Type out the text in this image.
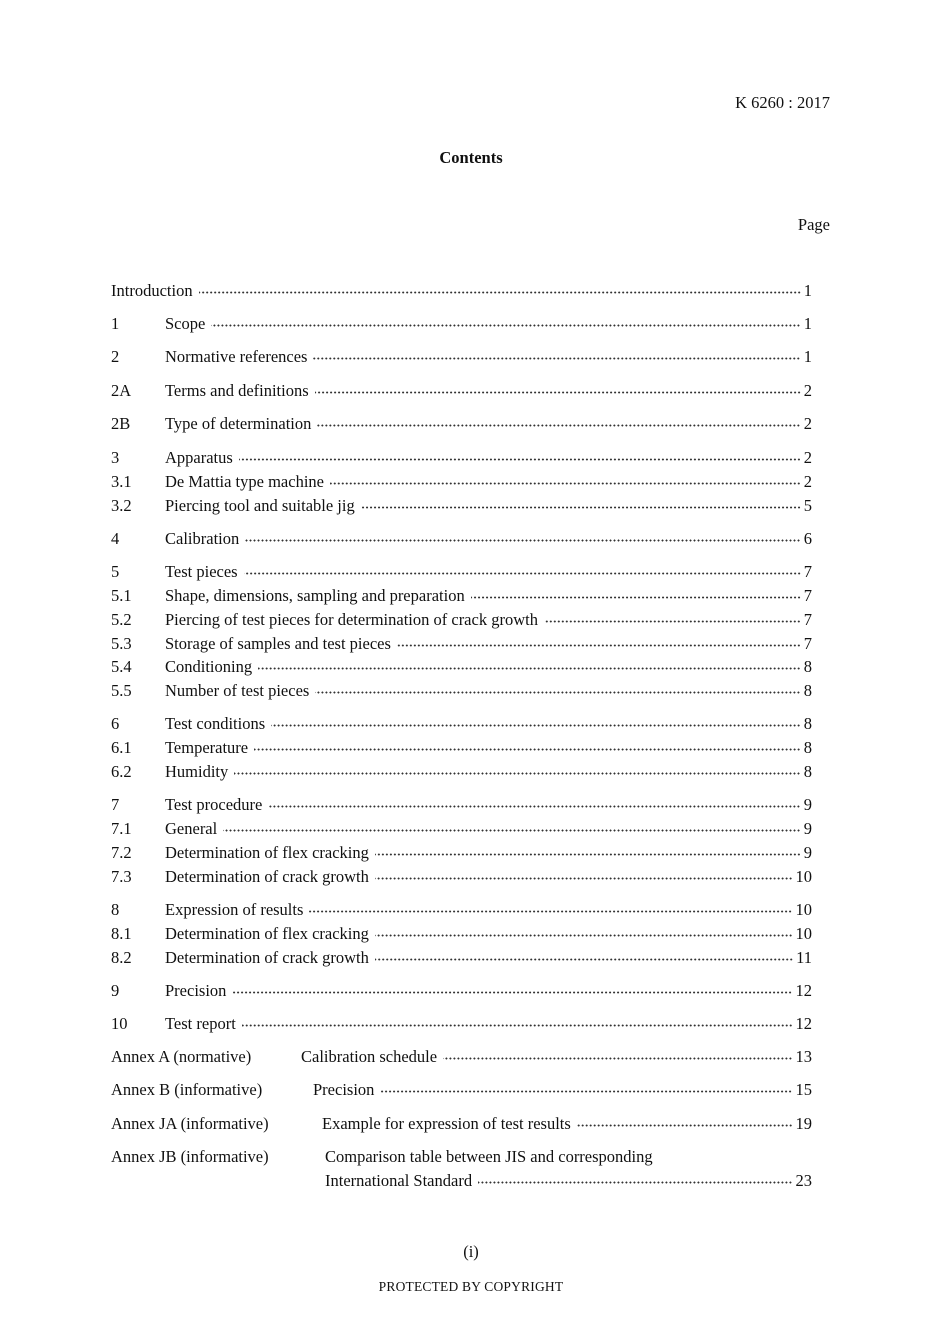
K 6260 : 2017
Contents
Page
Introduction	1
1	Scope	1
2	Normative references	1
2A	Terms and definitions	2
2B	Type of determination	2
3	Apparatus	2
3.1	De Mattia type machine	2
3.2	Piercing tool and suitable jig	5
4	Calibration	6
5	Test pieces	7
5.1	Shape, dimensions, sampling and preparation	7
5.2	Piercing of test pieces for determination of crack growth	7
5.3	Storage of samples and test pieces	7
5.4	Conditioning	8
5.5	Number of test pieces	8
6	Test conditions	8
6.1	Temperature	8
6.2	Humidity	8
7	Test procedure	9
7.1	General	9
7.2	Determination of flex cracking	9
7.3	Determination of crack growth	10
8	Expression of results	10
8.1	Determination of flex cracking	10
8.2	Determination of crack growth	11
9	Precision	12
10	Test report	12
Annex A (normative)	Calibration schedule	13
Annex B (informative)	Precision	15
Annex JA (informative)	Example for expression of test results	19
Annex JB (informative)	Comparison table between JIS and corresponding
International Standard	23
(i)
PROTECTED BY COPYRIGHT
